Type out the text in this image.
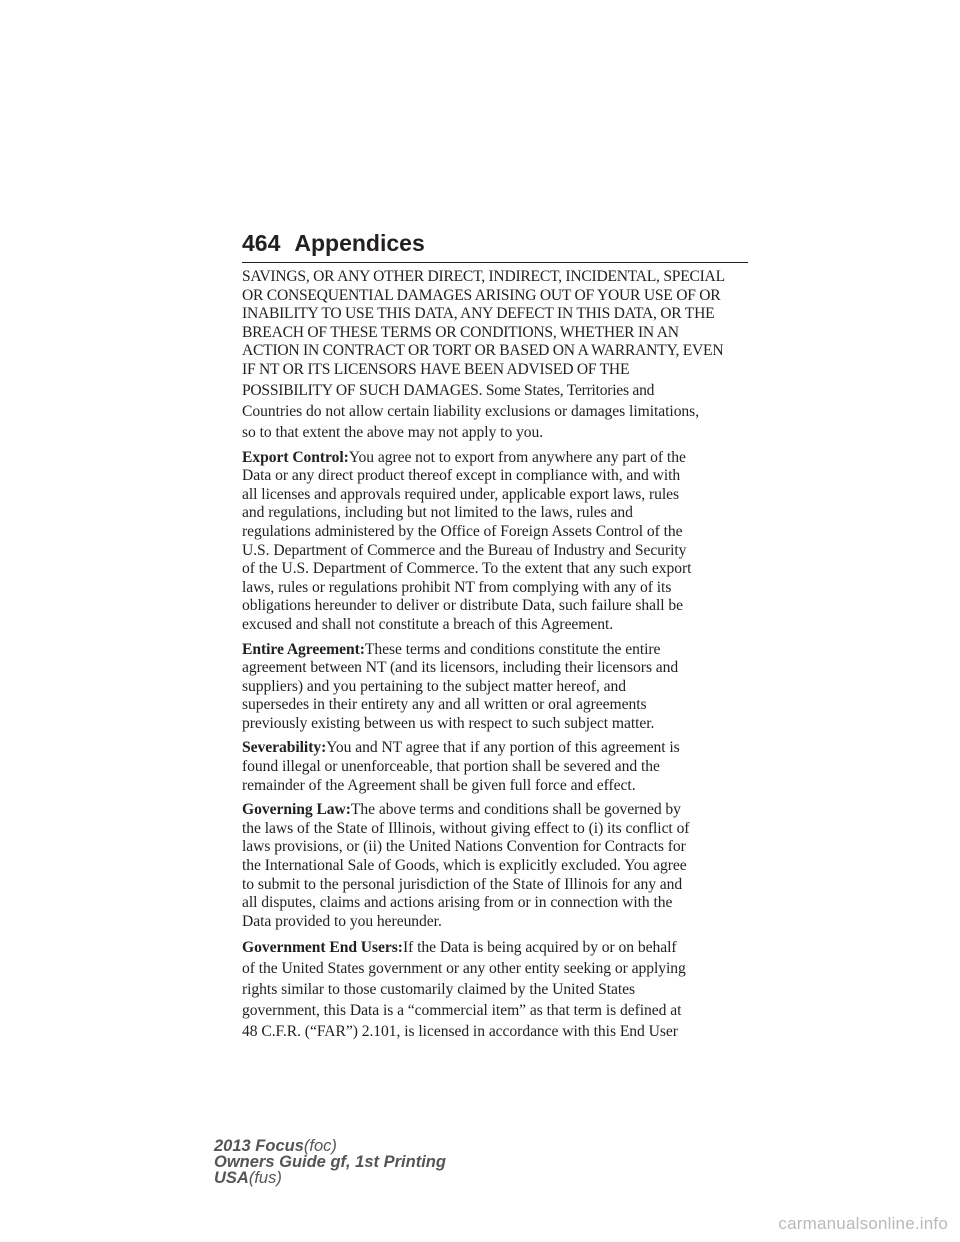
464 Appendices

SAVINGS, OR ANY OTHER DIRECT, INDIRECT, INCIDENTAL, SPECIAL
OR CONSEQUENTIAL DAMAGES ARISING OUT OF YOUR USE OF OR
INABILITY TO USE THIS DATA, ANY DEFECT IN THIS DATA, OR THE
BREACH OF THESE TERMS OR CONDITIONS, WHETHER IN AN
ACTION IN CONTRACT OR TORT OR BASED ON A WARRANTY, EVEN
IF NT OR ITS LICENSORS HAVE BEEN ADVISED OF THE
POSSIBILITY OF SUCH DAMAGES. Some States, Territories and
Countries do not allow certain liability exclusions or damages limitations,
so to that extent the above may not apply to you.

Export Control:You agree not to export from anywhere any part of the
Data or any direct product thereof except in compliance with, and with
all licenses and approvals required under, applicable export laws, rules
and regulations, including but not limited to the laws, rules and
regulations administered by the Office of Foreign Assets Control of the
U.S. Department of Commerce and the Bureau of Industry and Security
of the U.S. Department of Commerce. To the extent that any such export
laws, rules or regulations prohibit NT from complying with any of its
obligations hereunder to deliver or distribute Data, such failure shall be
excused and shall not constitute a breach of this Agreement.

Entire Agreement:These terms and conditions constitute the entire
agreement between NT (and its licensors, including their licensors and
suppliers) and you pertaining to the subject matter hereof, and
supersedes in their entirety any and all written or oral agreements
previously existing between us with respect to such subject matter.

Severability:You and NT agree that if any portion of this agreement is
found illegal or unenforceable, that portion shall be severed and the
remainder of the Agreement shall be given full force and effect.

Governing Law:The above terms and conditions shall be governed by
the laws of the State of Illinois, without giving effect to (i) its conflict of
laws provisions, or (ii) the United Nations Convention for Contracts for
the International Sale of Goods, which is explicitly excluded. You agree
to submit to the personal jurisdiction of the State of Illinois for any and
all disputes, claims and actions arising from or in connection with the
Data provided to you hereunder.

Government End Users:If the Data is being acquired by or on behalf
of the United States government or any other entity seeking or applying
rights similar to those customarily claimed by the United States
government, this Data is a “commercial item” as that term is defined at
48 C.F.R. (“FAR”) 2.101, is licensed in accordance with this End User

2013 Focus(foc)
Owners Guide gf, 1st Printing
USA(fus)
carmanualsonline.info
